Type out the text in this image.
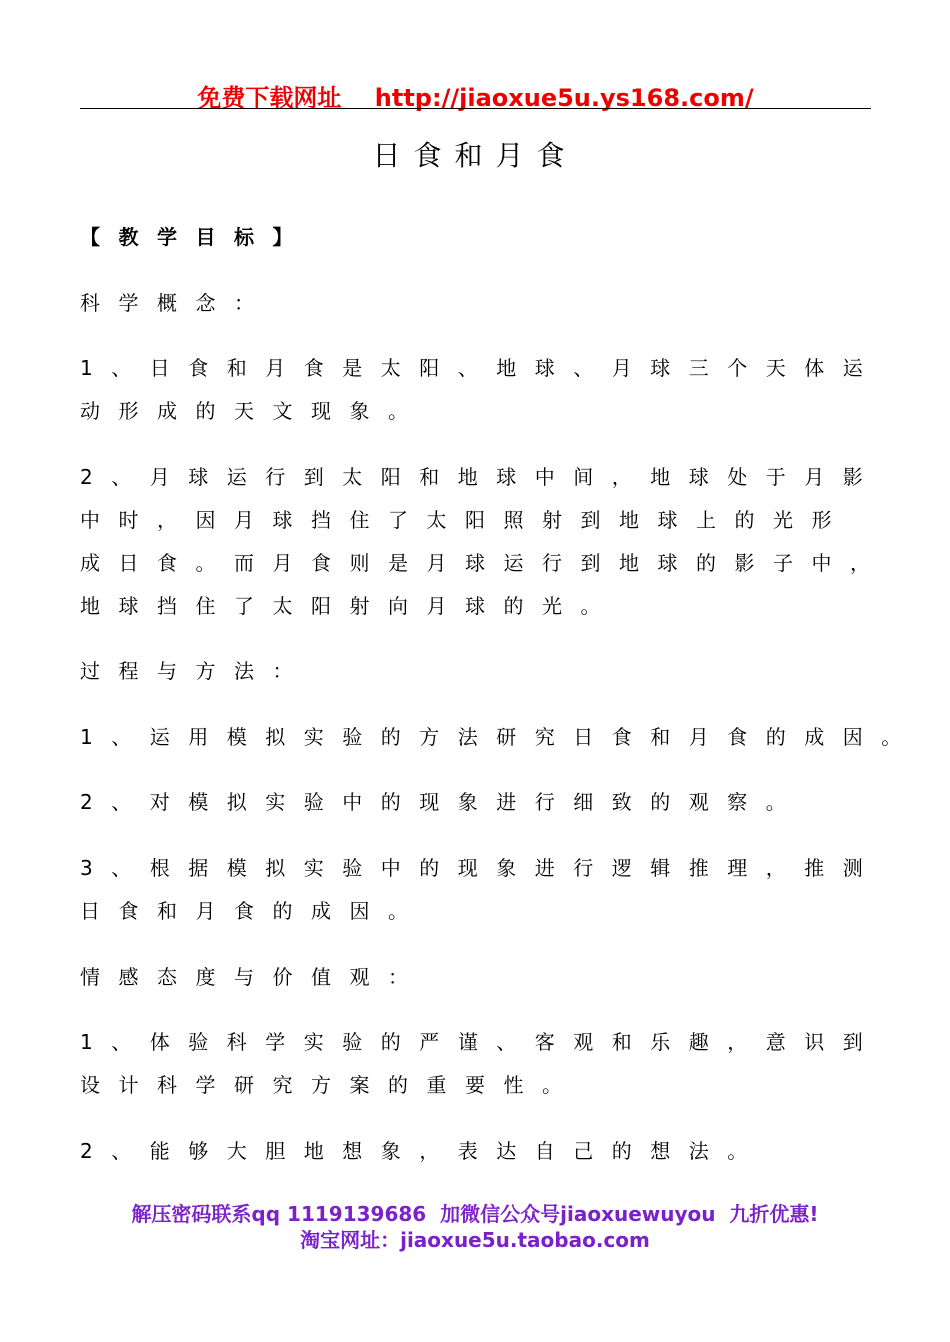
免费下载网址    http://jiaoxue5u.ys168.com/
日食和月食
【教学目标】
科学概念：
1、日食和月食是太阳、地球、月球三个天体运
动形成的天文现象。
2、月球运行到太阳和地球中间，地球处于月影
中时，因月球挡住了太阳照射到地球上的光形
成日食。而月食则是月球运行到地球的影子中，
地球挡住了太阳射向月球的光。
过程与方法：
1、运用模拟实验的方法研究日食和月食的成因。
2、对模拟实验中的现象进行细致的观察。
3、根据模拟实验中的现象进行逻辑推理，推测
日食和月食的成因。
情感态度与价值观：
1、体验科学实验的严谨、客观和乐趣，意识到
设计科学研究方案的重要性。
2、能够大胆地想象，表达自己的想法。
解压密码联系qq 1119139686  加微信公众号jiaoxuewuyou  九折优惠!
淘宝网址：jiaoxue5u.taobao.com
